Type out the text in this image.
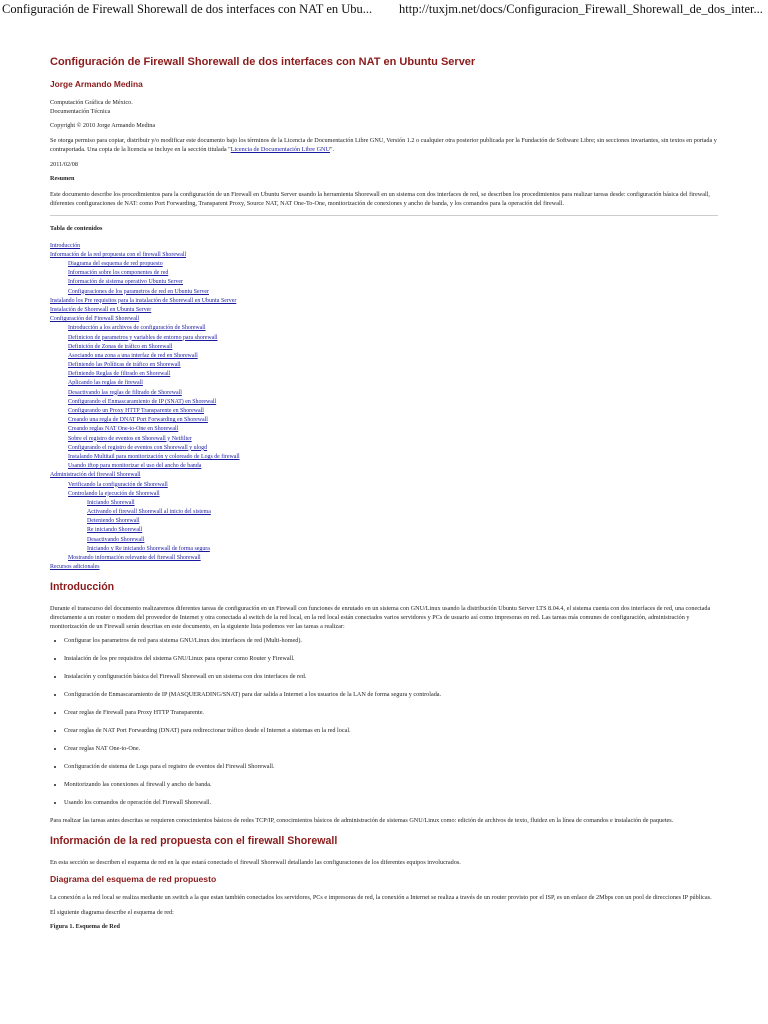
Configuración de Firewall Shorewall de dos interfaces con NAT en Ubu... http://tuxjm.net/docs/Configuracion_Firewall_Shorewall_de_dos_inter...
Configuración de Firewall Shorewall de dos interfaces con NAT en Ubuntu Server
Jorge Armando Medina
Computación Gráfica de México.
Documentación Técnica
Copyright © 2010 Jorge Armando Medina
Se otorga permiso para copiar, distribuir y/o modificar este documento bajo los términos de la Licencia de Documentación Libre GNU, Versión 1.2 o cualquier otra posterior publicada por la Fundación de Software Libre; sin secciones invariantes, sin textos en portada y contraportada. Una copia de la licencia se incluye en la sección titulada "Licencia de Documentación Libre GNU".
2011/02/08
Resumen
Este documento describe los procedimientos para la configuración de un Firewall en Ubuntu Server usando la herramienta Shorewall en un sistema con dos interfaces de red, se describen los procedimientos para realizar tareas desde: configuración básica del firewall, diferentes configuraciones de NAT: como Port Forwarding, Transparent Proxy, Source NAT, NAT One-To-One, monitorización de conexiones y ancho de banda, y los comandos para la operación del firewall.
Tabla de contenidos
Introducción
Información de la red propuesta con el firewall Shorewall
Diagrama del esquema de red propuesto
Información sobre los componentes de red
Información de sistema operativo Ubuntu Server
Configuraciones de los parametros de red en Ubuntu Server
Instalando los Pre requisitos para la instalación de Shorewall en Ubuntu Server
Instalación de Shorewall en Ubuntu Server
Configuración del Firewall Shorewall
Introducción a los archivos de configuración de Shorewall
Definicion de parametros y variables de entorno para shorewall
Definición de Zonas de tráfico en Shorewall
Asociando una zona a una interfaz de red en Shorewall
Definiendo las Políticas de tráfico en Shorewall
Definiendo Reglas de filtrado en Shorewall
Aplicando las reglas de firewall
Desactivando las reglas de filtrado de Shorewall
Configurando el Enmascaramiento de IP (SNAT) en Shorewall
Configurando un Proxy HTTP Transparente en Shorewall
Creando una regla de DNAT Port Forwarding en Shorewall
Creando reglas NAT One-to-One en Shorewall
Sobre el registro de eventos en Shorewall y Netfilter
Configurando el registro de eventos con Shorewall y ulogd
Instalando Multitail para monitorización y coloreado de Logs de firewall
Usando iftop para monitorizar el uso del ancho de banda
Administración del firewall Shorewall
Verificando la configuración de Shorewall
Controlando la ejecución de Shorewall
Iniciando Shorewall
Activando el firewall Shorewall al inicio del sistema
Deteniendo Shorewall
Re iniciando Shorewall
Desactivando Shorewall
Iniciando y Re iniciando Shorewall de forma segura
Mostrando información relevante del firewall Shorewall
Recursos adicionales
Introducción
Durante el transcurso del documento realizaremos diferentes tareas de configuración en un Firewall con funciones de enrutado en un sistema con GNU/Linux usando la distribución Ubuntu Server LTS 8.04.4, el sistema cuenta con dos interfaces de red, una conectada directamente a un router o modem del proveedor de Internet y otra conectada al switch de la red local, en la red local están conectados varios servidores y PCs de usuario así como impresoras en red. Las tareas más comunes de configuración, administración y monitorización de un Firewall serán descritas en este documento, en la siguiente lista podemos ver las tareas a realizar:
• Configurar los parametros de red para sistema GNU/Linux dos interfaces de red (Multi-homed).
• Instalación de los pre requisitos del sistema GNU/Linux para operar como Router y Firewall.
• Instalación y configuración básica del Firewall Shorewall en un sistema con dos interfaces de red.
• Configuración de Enmascaramiento de IP (MASQUERADING/SNAT) para dar salida a Internet a los usuarios de la LAN de forma segura y controlada.
• Crear reglas de Firewall para Proxy HTTP Transparente.
• Crear reglas de NAT Port Forwarding (DNAT) para redireccionar tráfico desde el Internet a sistemas en la red local.
• Crear reglas NAT One-to-One.
• Configuración de sistema de Logs para el registro de eventos del Firewall Shorewall.
• Monitorizando las conexiones al firewall y ancho de banda.
• Usando los comandos de operación del Firewall Shorewall.
Para realizar las tareas antes descritas se requieren conocimientos básicos de redes TCP/IP, conocimientos básicos de administración de sistemas GNU/Linux como: edición de archivos de texto, fluidez en la línea de comandos e instalación de paquetes.
Información de la red propuesta con el firewall Shorewall
En esta sección se describen el esquema de red en la que estará conectado el firewall Shorewall detallando las configuraciones de los diferentes equipos involucrados.
Diagrama del esquema de red propuesto
La conexión a la red local se realiza mediante un switch a la que estan también conectados los servidores, PCs e impresoras de red, la conexión a Internet se realiza a través de un router provisto por el ISP, es un enlace de 2Mbps con un pool de direcciones IP públicas.
El siguiente diagrama describe el esquema de red:
Figura 1. Esquema de Red
